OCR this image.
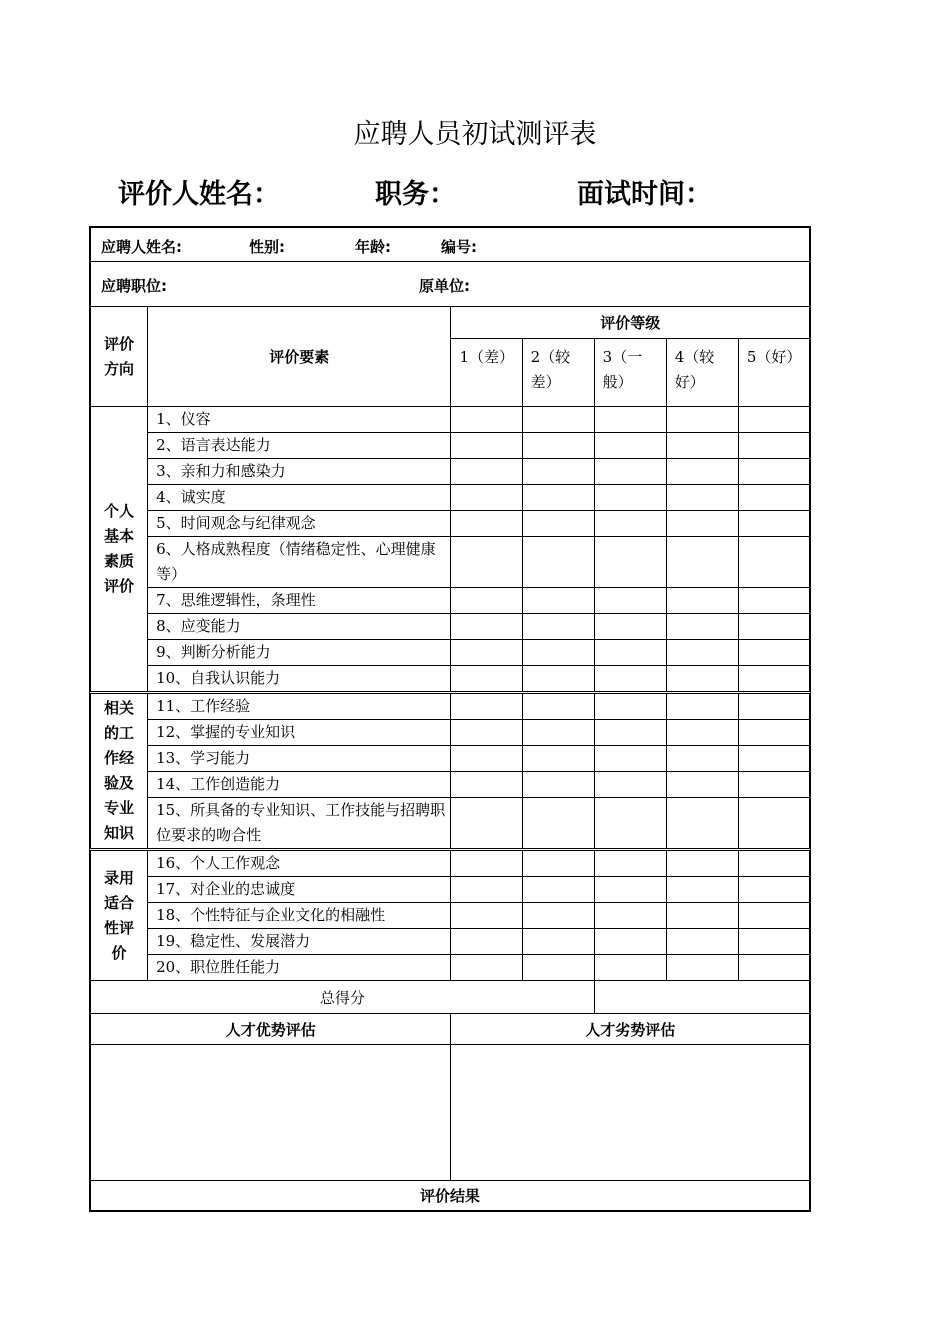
应聘人员初试测评表
评价人姓名：	职务：	面试时间：
应聘人姓名: 性别: 年龄: 编号:						

应聘职位: 原单位:						

评价方向	评价要素	评价等级				
		1（差）	2（较差）	3（一般）	4（较好）	5（好）
个人基本素质评价	1、仪容					
	2、语言表达能力					
	3、亲和力和感染力					
	4、诚实度					
	5、时间观念与纪律观念					
	6、人格成熟程度（情绪稳定性、心理健康等）					
	7、思维逻辑性，条理性					
	8、应变能力					
	9、判断分析能力					
	10、自我认识能力					
相关的工作经验及专业知识	11、工作经验					
	12、掌握的专业知识					
	13、学习能力					
	14、工作创造能力					
	15、所具备的专业知识、工作技能与招聘职位要求的吻合性					
录用适合性评价	16、个人工作观念					
	17、对企业的忠诚度					
	18、个性特征与企业文化的相融性					
	19、稳定性、发展潜力					
	20、职位胜任能力					
总得分						
人才优势评估		人才劣势评估				

评价结果						
